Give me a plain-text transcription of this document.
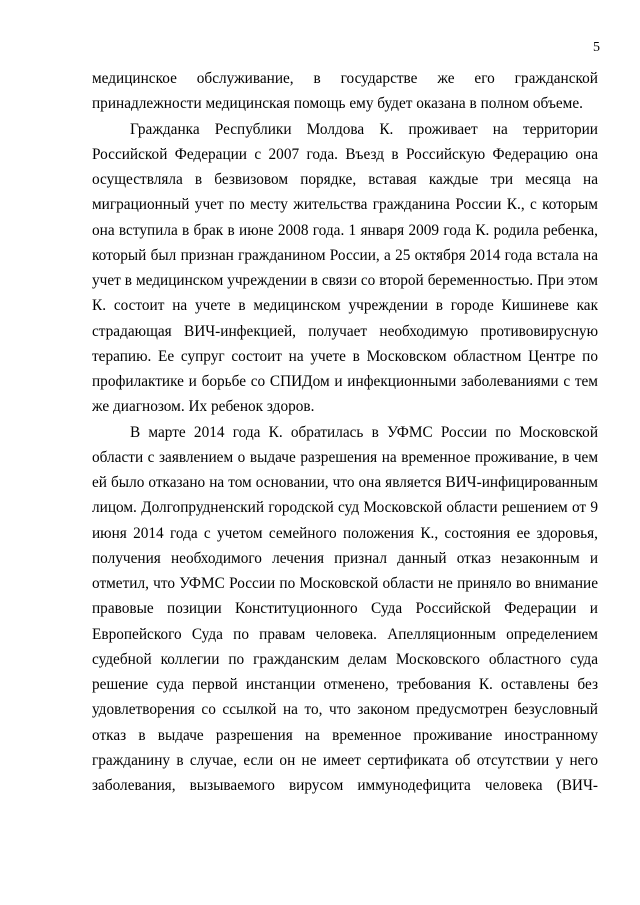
5
медицинское обслуживание, в государстве же его гражданской
принадлежности медицинская помощь ему будет оказана в полном объеме.
Гражданка Республики Молдова К. проживает на территории
Российской Федерации с 2007 года. Въезд в Российскую Федерацию она
осуществляла в безвизовом порядке, вставая каждые три месяца на
миграционный учет по месту жительства гражданина России К., с которым
она вступила в брак в июне 2008 года. 1 января 2009 года К. родила ребенка,
который был признан гражданином России, а 25 октября 2014 года встала на
учет в медицинском учреждении в связи со второй беременностью. При этом
К. состоит на учете в медицинском учреждении в городе Кишиневе как
страдающая ВИЧ-инфекцией, получает необходимую противовирусную
терапию. Ее супруг состоит на учете в Московском областном Центре по
профилактике и борьбе со СПИДом и инфекционными заболеваниями с тем
же диагнозом. Их ребенок здоров.
В марте 2014 года К. обратилась в УФМС России по Московской
области с заявлением о выдаче разрешения на временное проживание, в чем
ей было отказано на том основании, что она является ВИЧ-инфицированным
лицом. Долгопрудненский городской суд Московской области решением от 9
июня 2014 года с учетом семейного положения К., состояния ее здоровья,
получения необходимого лечения признал данный отказ незаконным и
отметил, что УФМС России по Московской области не приняло во внимание
правовые позиции Конституционного Суда Российской Федерации и
Европейского Суда по правам человека. Апелляционным определением
судебной коллегии по гражданским делам Московского областного суда
решение суда первой инстанции отменено, требования К. оставлены без
удовлетворения со ссылкой на то, что законом предусмотрен безусловный
отказ в выдаче разрешения на временное проживание иностранному
гражданину в случае, если он не имеет сертификата об отсутствии у него
заболевания, вызываемого вирусом иммунодефицита человека (ВИЧ-
